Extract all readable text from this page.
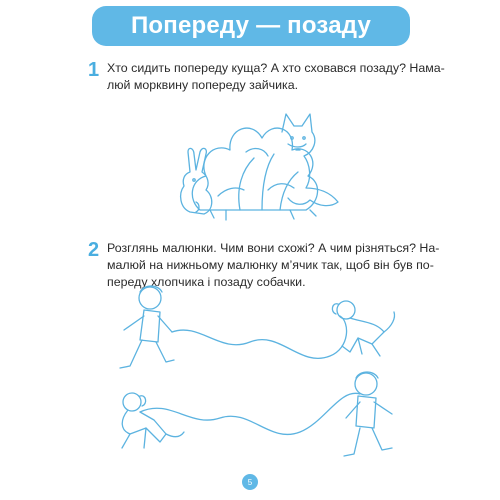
Попереду — позаду
1 Хто сидить попереду куща? А хто сховався позаду? Нама-
люй морквину попереду зайчика.
2 Розглянь малюнки. Чим вони схожі? А чим різняться? На-
малюй на нижньому малюнку м’ячик так, щоб він був по-
переду хлопчика і позаду собачки.
5
